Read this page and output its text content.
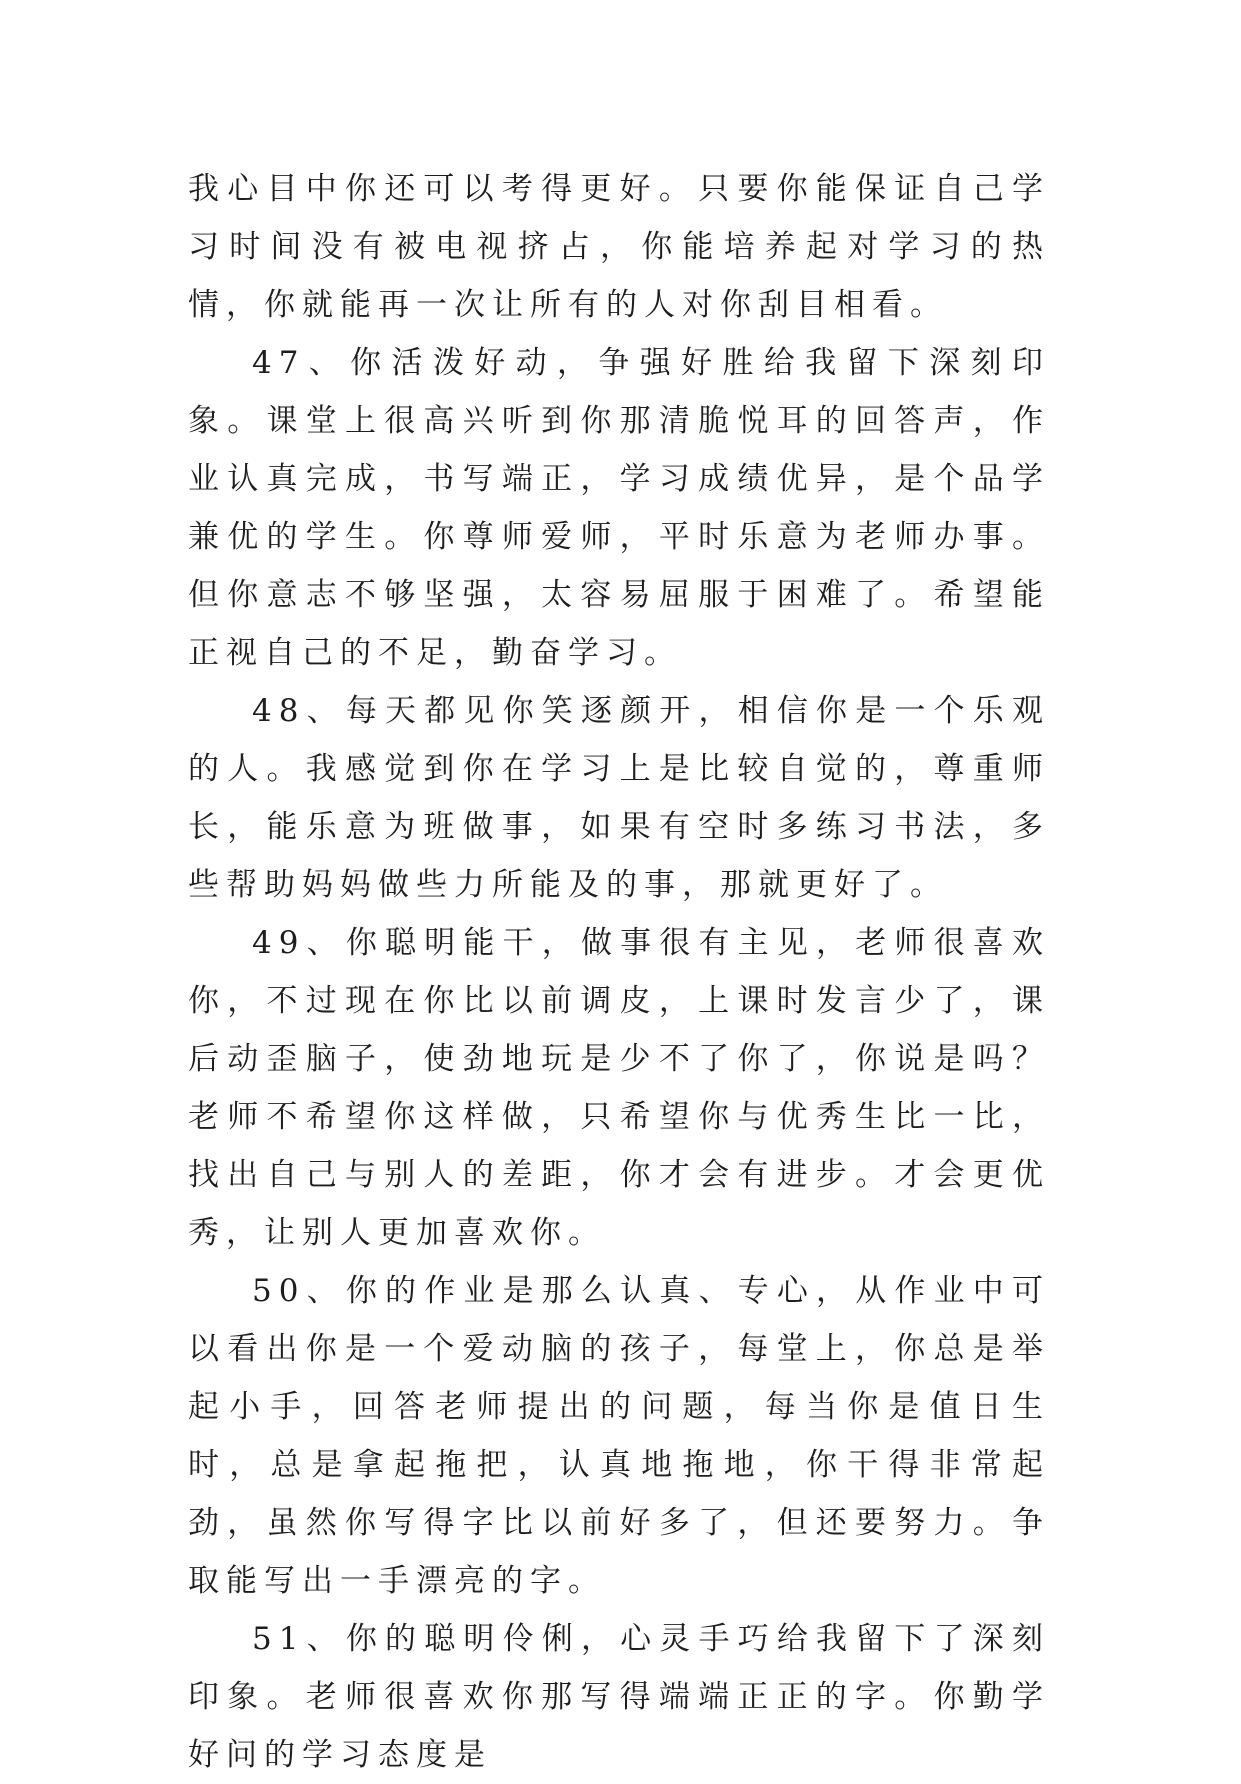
我心目中你还可以考得更好。只要你能保证自己学习时间没有被电视挤占，你能培养起对学习的热情，你就能再一次让所有的人对你刮目相看。

47、你活泼好动，争强好胜给我留下深刻印象。课堂上很高兴听到你那清脆悦耳的回答声，作业认真完成，书写端正，学习成绩优异，是个品学兼优的学生。你尊师爱师，平时乐意为老师办事。但你意志不够坚强，太容易屈服于困难了。希望能正视自己的不足，勤奋学习。

48、每天都见你笑逐颜开，相信你是一个乐观的人。我感觉到你在学习上是比较自觉的，尊重师长，能乐意为班做事，如果有空时多练习书法，多些帮助妈妈做些力所能及的事，那就更好了。

49、你聪明能干，做事很有主见，老师很喜欢你，不过现在你比以前调皮，上课时发言少了，课后动歪脑子，使劲地玩是少不了你了，你说是吗？老师不希望你这样做，只希望你与优秀生比一比，找出自己与别人的差距，你才会有进步。才会更优秀，让别人更加喜欢你。

50、你的作业是那么认真、专心，从作业中可以看出你是一个爱动脑的孩子，每堂上，你总是举起小手，回答老师提出的问题，每当你是值日生时，总是拿起拖把，认真地拖地，你干得非常起劲，虽然你写得字比以前好多了，但还要努力。争取能写出一手漂亮的字。

51、你的聪明伶俐，心灵手巧给我留下了深刻印象。老师很喜欢你那写得端端正正的字。你勤学好问的学习态度是
